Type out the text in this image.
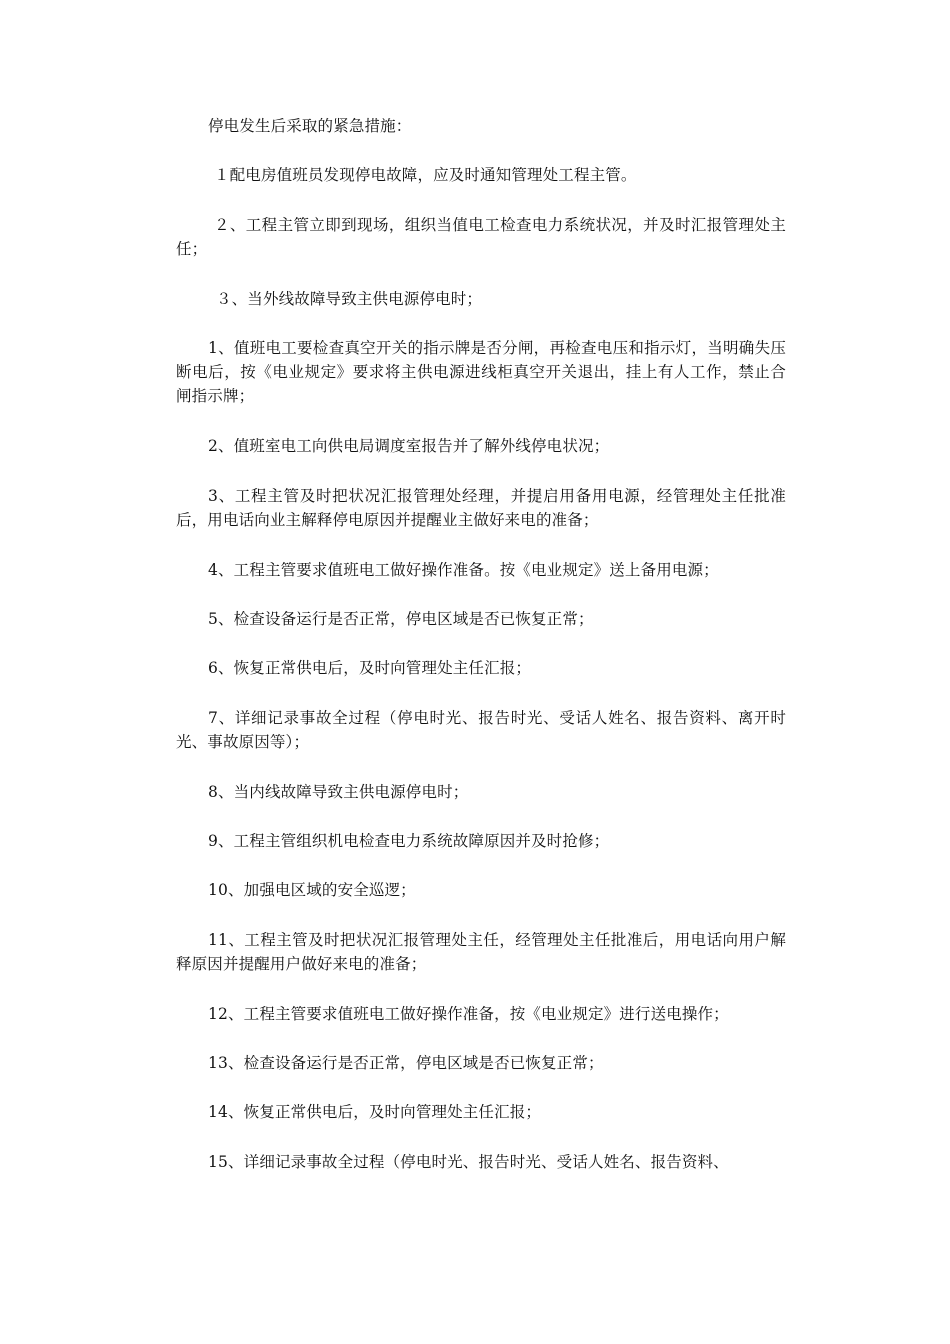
停电发生后采取的紧急措施：

１配电房值班员发现停电故障，应及时通知管理处工程主管。

２、工程主管立即到现场，组织当值电工检查电力系统状况，并及时汇报管理处主任；

３、当外线故障导致主供电源停电时；

1、值班电工要检查真空开关的指示牌是否分闸，再检查电压和指示灯，当明确失压断电后，按《电业规定》要求将主供电源进线柜真空开关退出，挂上有人工作，禁止合闸指示牌；

2、值班室电工向供电局调度室报告并了解外线停电状况；

3、工程主管及时把状况汇报管理处经理，并提启用备用电源，经管理处主任批准后，用电话向业主解释停电原因并提醒业主做好来电的准备；

4、工程主管要求值班电工做好操作准备。按《电业规定》送上备用电源；

5、检查设备运行是否正常，停电区域是否已恢复正常；

6、恢复正常供电后，及时向管理处主任汇报；

7、详细记录事故全过程（停电时光、报告时光、受话人姓名、报告资料、离开时光、事故原因等）；

8、当内线故障导致主供电源停电时；

9、工程主管组织机电检查电力系统故障原因并及时抢修；

10、加强电区域的安全巡逻；

11、工程主管及时把状况汇报管理处主任，经管理处主任批准后，用电话向用户解释原因并提醒用户做好来电的准备；

12、工程主管要求值班电工做好操作准备，按《电业规定》进行送电操作；

13、检查设备运行是否正常，停电区域是否已恢复正常；

14、恢复正常供电后，及时向管理处主任汇报；

15、详细记录事故全过程（停电时光、报告时光、受话人姓名、报告资料、
